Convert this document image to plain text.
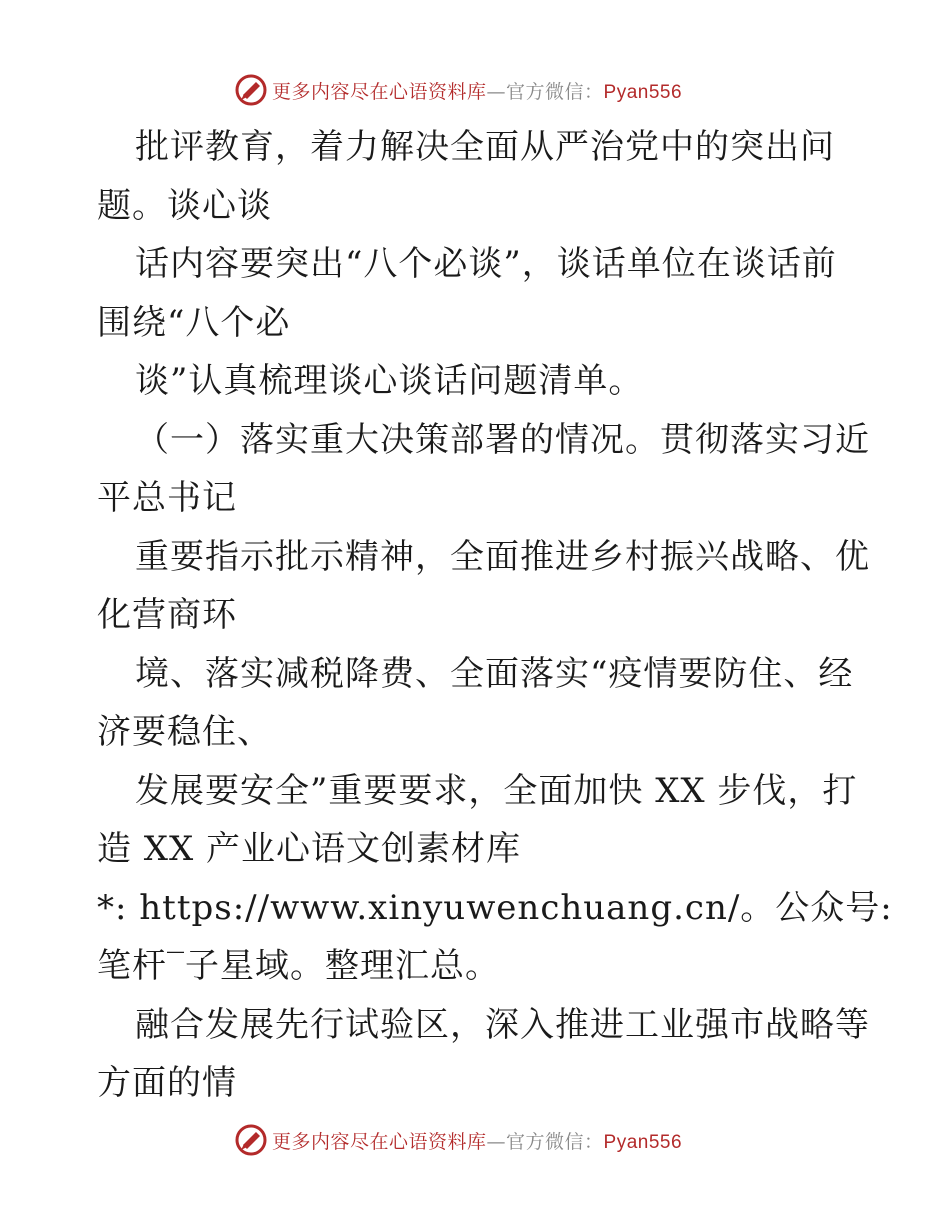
更多内容尽在心语资料库—官方微信：Pyan556
批评教育，着力解决全面从严治党中的突出问
题。谈心谈
话内容要突出“八个必谈”，谈话单位在谈话前
围绕“八个必
谈”认真梳理谈心谈话问题清单。
（一）落实重大决策部署的情况。贯彻落实习近
平总书记
重要指示批示精神，全面推进乡村振兴战略、优
化营商环
境、落实减税降费、全面落实“疫情要防住、经
济要稳住、
发展要安全”重要要求，全面加快 XX 步伐，打
造 XX 产业心语文创素材库
*: https://www.xinyuwenchuang.cn/。公众号:
笔杆‾子星域。整理汇总。
融合发展先行试验区，深入推进工业强市战略等
方面的情
更多内容尽在心语资料库—官方微信：Pyan556
